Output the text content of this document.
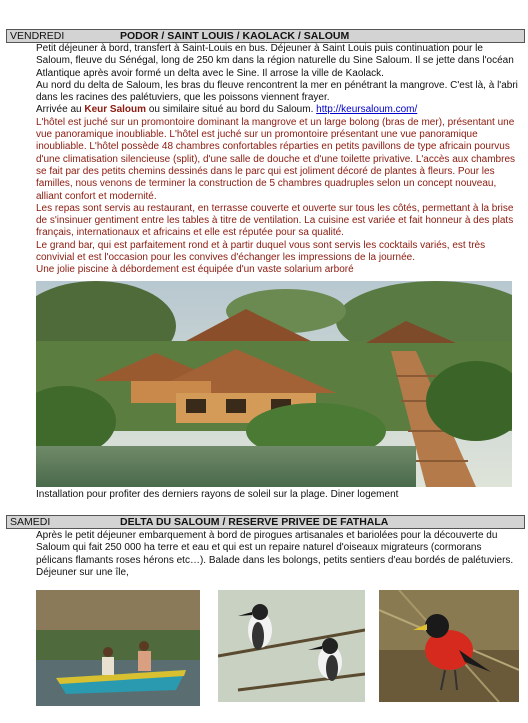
VENDREDI	PODOR / SAINT LOUIS / KAOLACK / SALOUM

Petit déjeuner à bord, transfert à Saint-Louis en bus. Déjeuner à Saint Louis puis continuation pour le Saloum, fleuve du Sénégal, long de 250 km dans la région naturelle du Sine Saloum. Il se jette dans l'océan Atlantique après avoir formé un delta avec le Sine. Il arrose la ville de Kaolack.

Au nord du delta de Saloum, les bras du fleuve rencontrent la mer en pénétrant la mangrove. C'est là, à l'abri dans les racines des palétuviers, que les poissons viennent frayer.

Arrivée au Keur Saloum ou similaire situé au bord du Saloum. http://keursaloum.com/

L'hôtel est juché sur un promontoire dominant la mangrove et un large bolong (bras de mer), présentant une vue panoramique inoubliable. L'hôtel est juché sur un promontoire présentant une vue panoramique inoubliable. L'hôtel possède 48 chambres confortables réparties en petits pavillons de type africain pourvus d'une climatisation silencieuse (split), d'une salle de douche et d'une toilette privative. L'accès aux chambres se fait par des petits chemins dessinés dans le parc qui est joliment décoré de plantes à fleurs. Pour les familles, nous venons de terminer la construction de 5 chambres quadruples selon un concept nouveau, alliant confort et modernité.

Les repas sont servis au restaurant, en terrasse couverte et ouverte sur tous les côtés, permettant à la brise de s'insinuer gentiment entre les tables à titre de ventilation. La cuisine est variée et fait honneur à des plats français, internationaux et africains et elle est réputée pour sa qualité.

Le grand bar, qui est parfaitement rond et à partir duquel vous sont servis les cocktails variés, est très convivial et est l'occasion pour les convives d'échanger les impressions de la journée.

Une jolie piscine à débordement est équipée d'un vaste solarium arboré

Installation pour profiter des derniers rayons de soleil sur la plage. Diner logement

SAMEDI	DELTA DU SALOUM / RESERVE PRIVEE DE FATHALA

Après le petit déjeuner embarquement à bord de pirogues artisanales et bariolées pour la découverte du Saloum qui fait 250 000 ha terre et eau et qui est un repaire naturel d'oiseaux migrateurs (cormorans pélicans flamants roses hérons etc…). Balade dans les bolongs, petits sentiers d'eau bordés de palétuviers. Déjeuner sur une île,
